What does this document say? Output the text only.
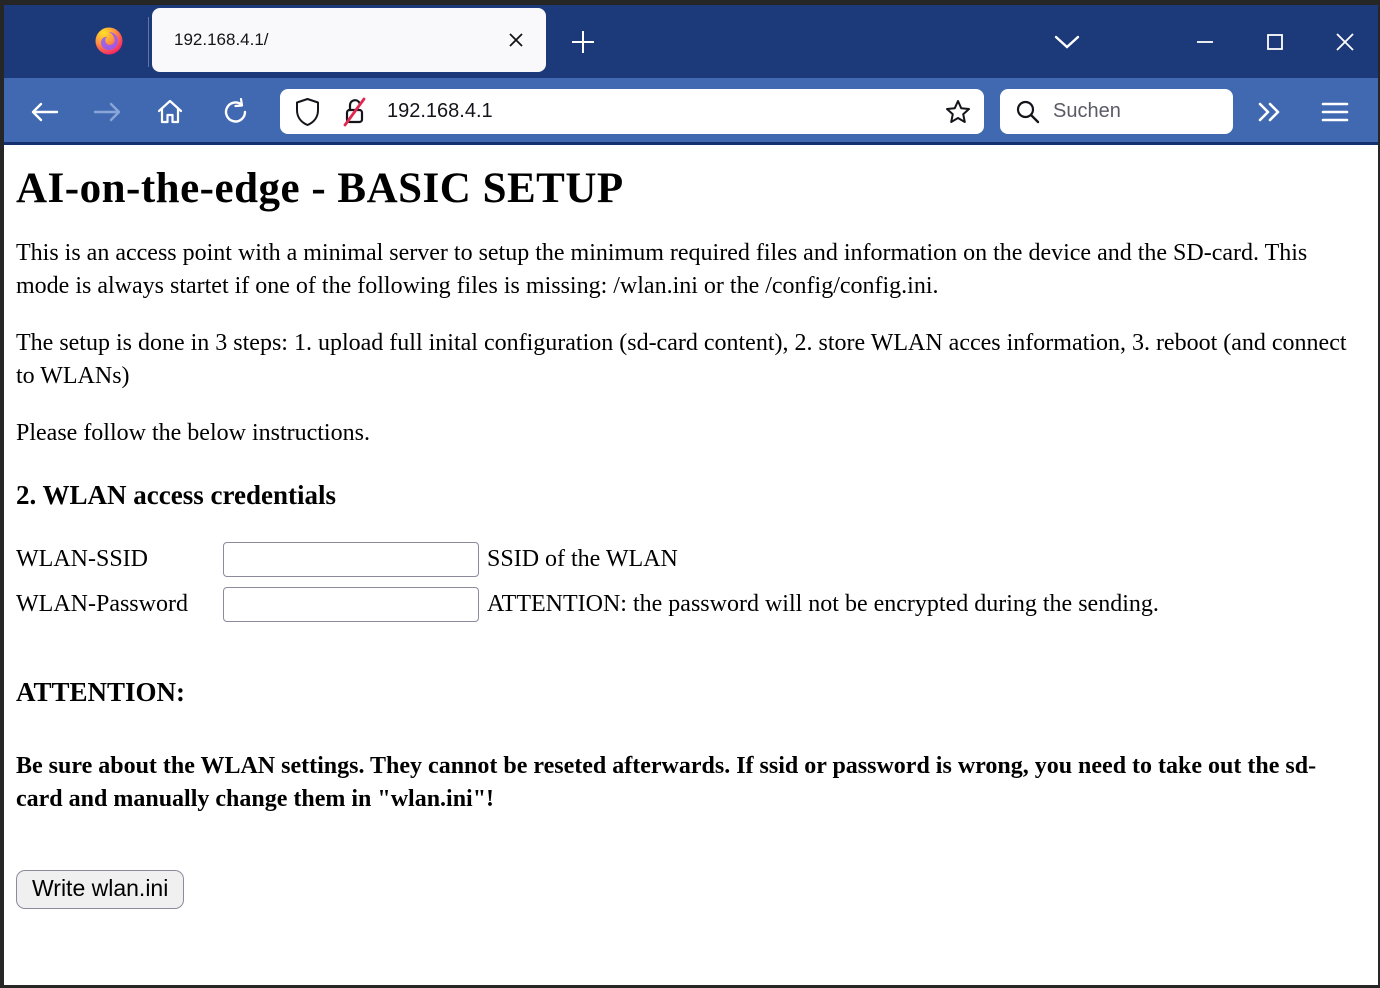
192.168.4.1/
192.168.4.1
Suchen
AI-on-the-edge - BASIC SETUP

This is an access point with a minimal server to setup the minimum required files and information on the device and the SD-card. This mode is always startet if one of the following files is missing: /wlan.ini or the /config/config.ini.

The setup is done in 3 steps: 1. upload full inital configuration (sd-card content), 2. store WLAN acces information, 3. reboot (and connect to WLANs)

Please follow the below instructions.

2. WLAN access credentials
WLAN-SSID	SSID of the WLAN
WLAN-Password	ATTENTION: the password will not be encrypted during the sending.
ATTENTION:

Be sure about the WLAN settings. They cannot be reseted afterwards. If ssid or password is wrong, you need to take out the sd-card and manually change them in "wlan.ini"!

Write wlan.ini
